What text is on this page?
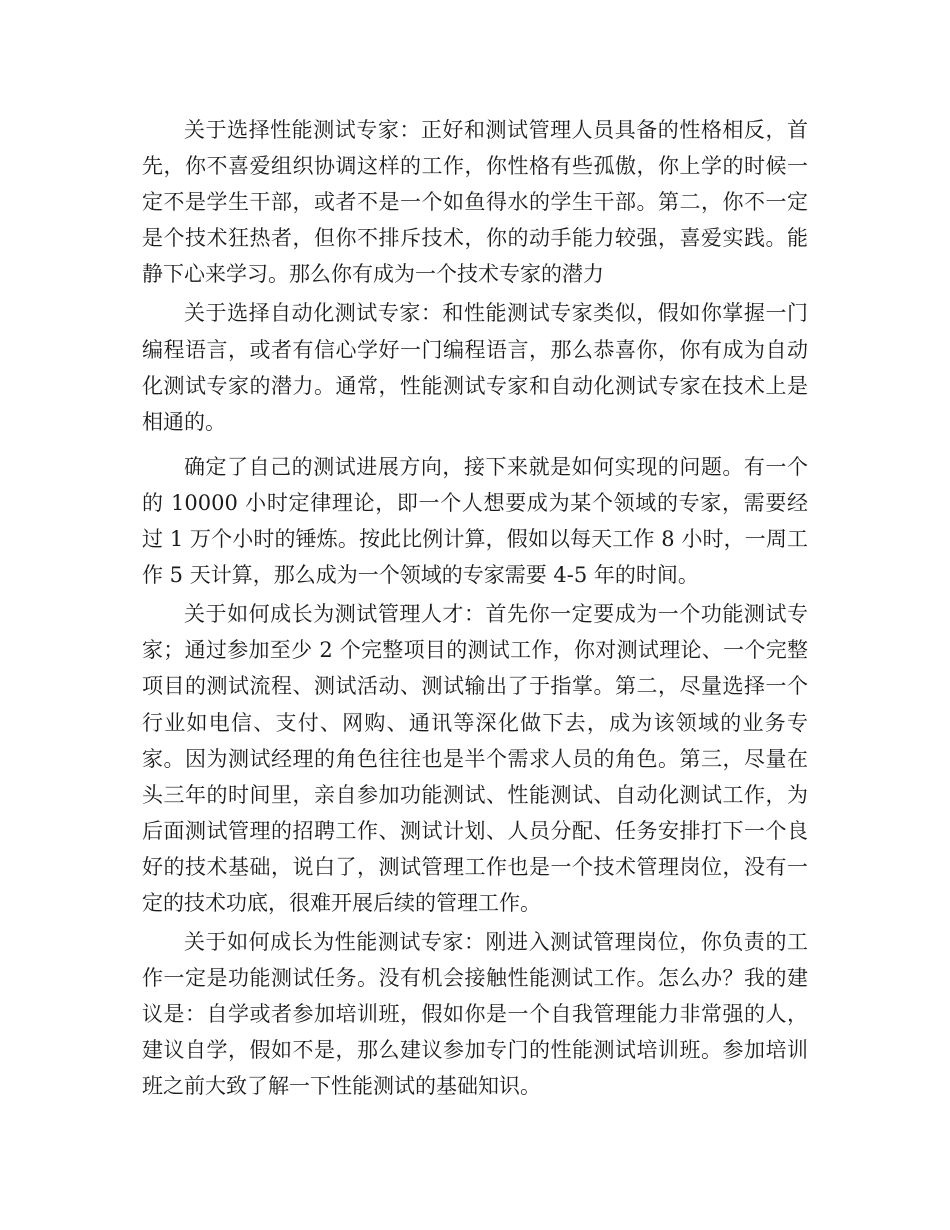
关于选择性能测试专家：正好和测试管理人员具备的性格相反，首先，你不喜爱组织协调这样的工作，你性格有些孤傲，你上学的时候一定不是学生干部，或者不是一个如鱼得水的学生干部。第二，你不一定是个技术狂热者，但你不排斥技术，你的动手能力较强，喜爱实践。能静下心来学习。那么你有成为一个技术专家的潜力

关于选择自动化测试专家：和性能测试专家类似，假如你掌握一门编程语言，或者有信心学好一门编程语言，那么恭喜你，你有成为自动化测试专家的潜力。通常，性能测试专家和自动化测试专家在技术上是相通的。

确定了自己的测试进展方向，接下来就是如何实现的问题。有一个的 10000 小时定律理论，即一个人想要成为某个领域的专家，需要经过 1 万个小时的锤炼。按此比例计算，假如以每天工作 8 小时，一周工作 5 天计算，那么成为一个领域的专家需要 4-5 年的时间。

关于如何成长为测试管理人才：首先你一定要成为一个功能测试专家；通过参加至少 2 个完整项目的测试工作，你对测试理论、一个完整项目的测试流程、测试活动、测试输出了于指掌。第二，尽量选择一个行业如电信、支付、网购、通讯等深化做下去，成为该领域的业务专家。因为测试经理的角色往往也是半个需求人员的角色。第三，尽量在头三年的时间里，亲自参加功能测试、性能测试、自动化测试工作，为后面测试管理的招聘工作、测试计划、人员分配、任务安排打下一个良好的技术基础，说白了，测试管理工作也是一个技术管理岗位，没有一定的技术功底，很难开展后续的管理工作。

关于如何成长为性能测试专家：刚进入测试管理岗位，你负责的工作一定是功能测试任务。没有机会接触性能测试工作。怎么办？我的建议是：自学或者参加培训班，假如你是一个自我管理能力非常强的人，建议自学，假如不是，那么建议参加专门的性能测试培训班。参加培训班之前大致了解一下性能测试的基础知识。
